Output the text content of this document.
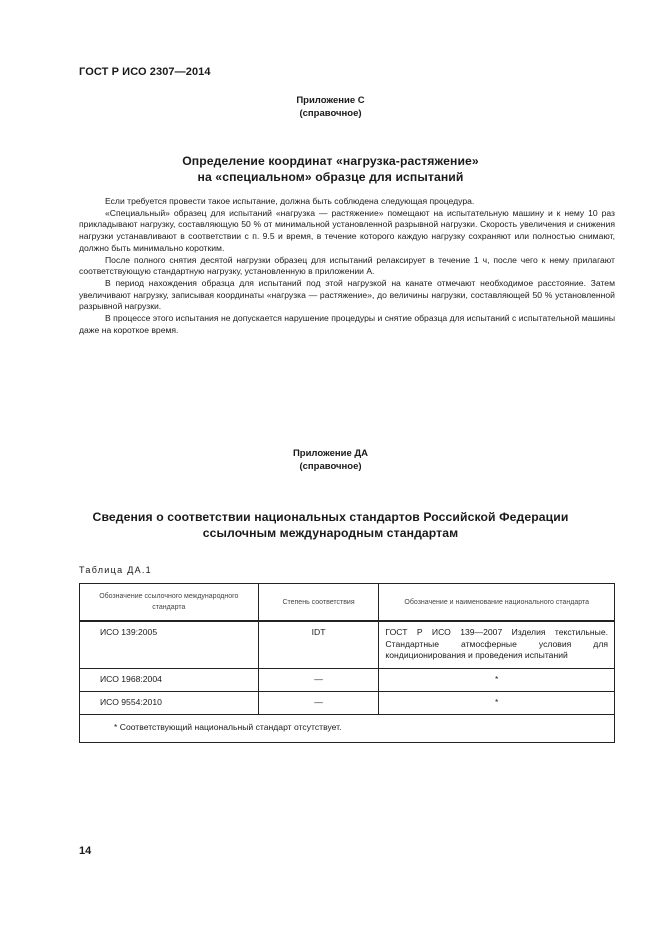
ГОСТ Р ИСО 2307—2014
Приложение С
(справочное)
Определение координат «нагрузка-растяжение»
на «специальном» образце для испытаний

Если требуется провести такое испытание, должна быть соблюдена следующая процедура.

«Специальный» образец для испытаний «нагрузка — растяжение» помещают на испытательную машину и к нему 10 раз прикладывают нагрузку, составляющую 50 % от минимальной установленной разрывной нагрузки. Скорость увеличения и снижения нагрузки устанавливают в соответствии с п. 9.5 и время, в течение которого каждую нагрузку сохраняют или полностью снимают, должно быть минимально коротким.

После полного снятия десятой нагрузки образец для испытаний релаксирует в течение 1 ч, после чего к нему прилагают соответствующую стандартную нагрузку, установленную в приложении А.

В период нахождения образца для испытаний под этой нагрузкой на канате отмечают необходимое расстояние. Затем увеличивают нагрузку, записывая координаты «нагрузка — растяжение», до величины нагрузки, составляющей 50 % установленной разрывной нагрузки.

В процессе этого испытания не допускается нарушение процедуры и снятие образца для испытаний с испытательной машины даже на короткое время.

Приложение ДА
(справочное)
Сведения о соответствии национальных стандартов Российской Федерации
ссылочным международным стандартам
Таблица ДА.1
Обозначение ссылочного международного стандарта	Степень соответствия	Обозначение и наименование национального стандарта
ИСО 139:2005	IDT	ГОСТ Р ИСО 139—2007 Изделия текстильные. Стандартные атмосферные условия для кондиционирования и проведения испытаний
ИСО 1968:2004	—	*
ИСО 9554:2010	—	*
* Соответствующий национальный стандарт отсутствует.		
14
